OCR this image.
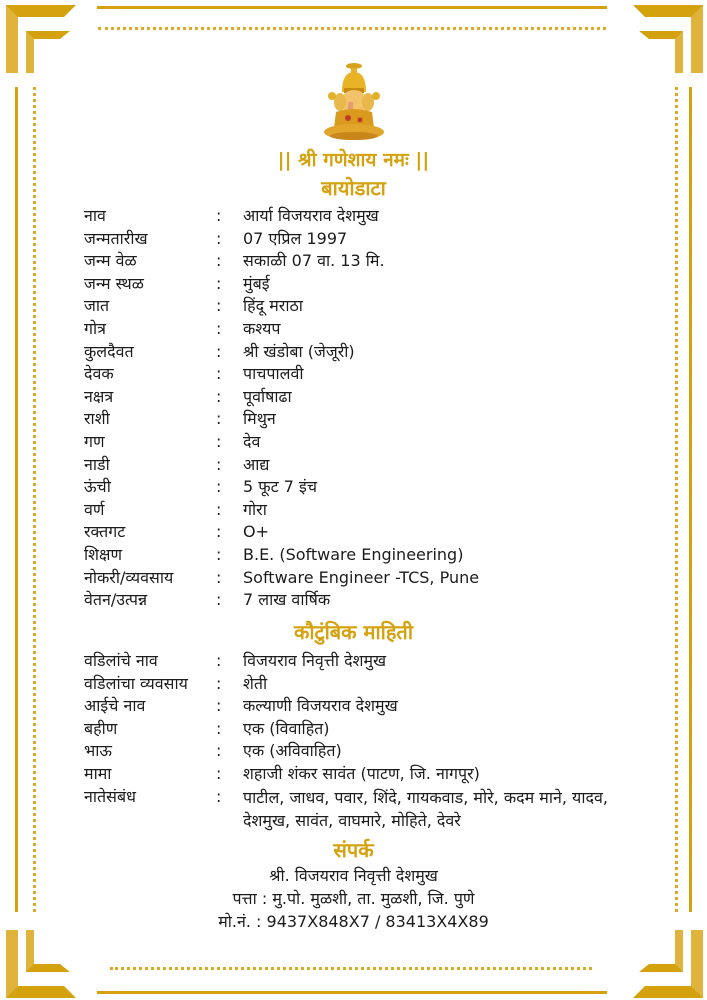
|| श्री गणेशाय नमः ||
बायोडाटा
नाव	: आर्या विजयराव देशमुख
जन्मतारीख	: 07 एप्रिल 1997
जन्म वेळ	: सकाळी 07 वा. 13 मि.
जन्म स्थळ	: मुंबई
जात	: हिंदू मराठा
गोत्र	: कश्यप
कुलदैवत	: श्री खंडोबा (जेजूरी)
देवक	: पाचपालवी
नक्षत्र	: पूर्वाषाढा
राशी	: मिथुन
गण	: देव
नाडी	: आद्य
ऊंची	: 5 फूट 7 इंच
वर्ण	: गोरा
रक्तगट	: O+
शिक्षण	: B.E. (Software Engineering)
नोकरी/व्यवसाय	: Software Engineer -TCS, Pune
वेतन/उत्पन्न	: 7 लाख वार्षिक
कौटुंबिक माहिती
वडिलांचे नाव	: विजयराव निवृत्ती देशमुख
वडिलांचा व्यवसाय : शेती
आईचे नाव	: कल्याणी विजयराव देशमुख
बहीण	: एक (विवाहित)
भाऊ	: एक (अविवाहित)
मामा	: शहाजी शंकर सावंत (पाटण, जि. नागपूर)
नातेसंबंध	: पाटील, जाधव, पवार, शिंदे, गायकवाड, मोरे, कदम माने, यादव, देशमुख, सावंत, वाघमारे, मोहिते, देवरे
संपर्क
श्री. विजयराव निवृत्ती देशमुख
पत्ता : मु.पो. मुळशी, ता. मुळशी, जि. पुणे
मो.नं. : 9437X848X7 / 83413X4X89
